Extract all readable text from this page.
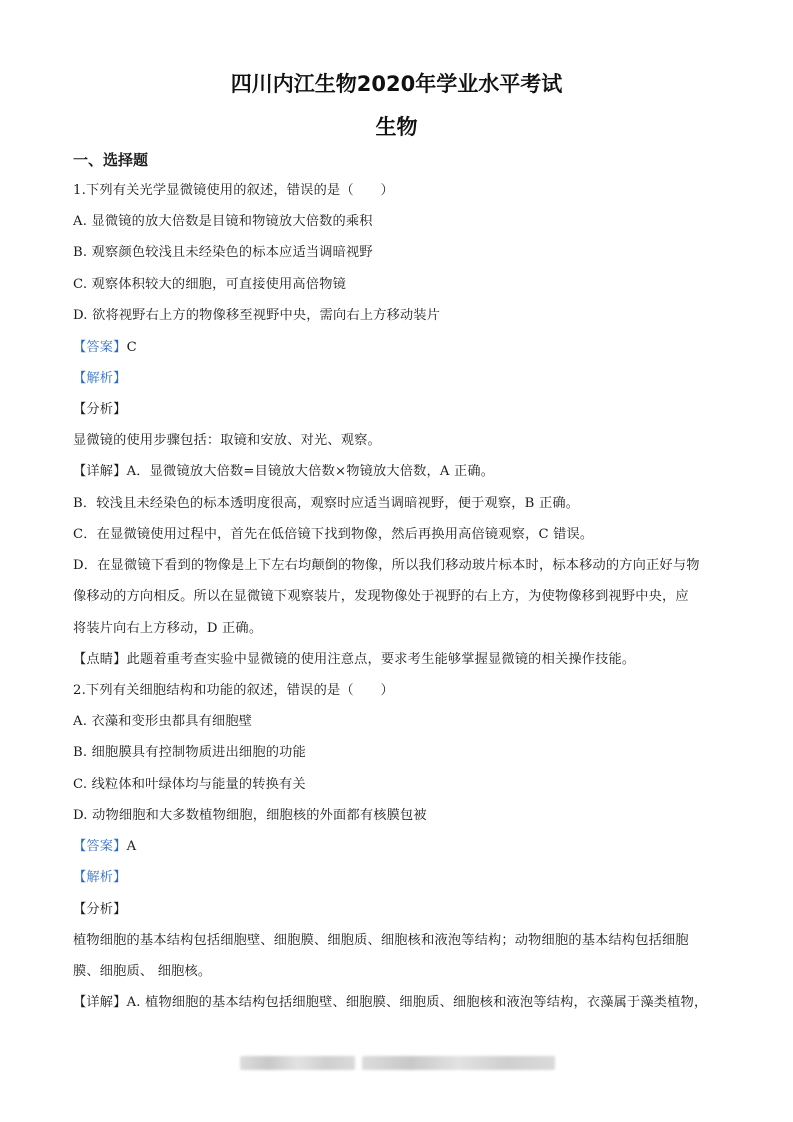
四川内江生物2020年学业水平考试
生物
一、选择题
1.下列有关光学显微镜使用的叙述，错误的是（　　）
A. 显微镜的放大倍数是目镜和物镜放大倍数的乘积
B. 观察颜色较浅且未经染色的标本应适当调暗视野
C. 观察体积较大的细胞，可直接使用高倍物镜
D. 欲将视野右上方的物像移至视野中央，需向右上方移动装片
【答案】C
【解析】
【分析】
显微镜的使用步骤包括：取镜和安放、对光、观察。
【详解】A．显微镜放大倍数=目镜放大倍数×物镜放大倍数，A 正确。
B．较浅且未经染色的标本透明度很高，观察时应适当调暗视野，便于观察，B 正确。
C．在显微镜使用过程中，首先在低倍镜下找到物像，然后再换用高倍镜观察，C 错误。
D．在显微镜下看到的物像是上下左右均颠倒的物像，所以我们移动玻片标本时，标本移动的方向正好与物
像移动的方向相反。所以在显微镜下观察装片，发现物像处于视野的右上方，为使物像移到视野中央，应
将装片向右上方移动，D 正确。
【点睛】此题着重考查实验中显微镜的使用注意点，要求考生能够掌握显微镜的相关操作技能。
2.下列有关细胞结构和功能的叙述，错误的是（　　）
A. 衣藻和变形虫都具有细胞壁
B. 细胞膜具有控制物质进出细胞的功能
C. 线粒体和叶绿体均与能量的转换有关
D. 动物细胞和大多数植物细胞，细胞核的外面都有核膜包被
【答案】A
【解析】
【分析】
植物细胞的基本结构包括细胞壁、细胞膜、细胞质、细胞核和液泡等结构；动物细胞的基本结构包括细胞
膜、细胞质、 细胞核。
【详解】A. 植物细胞的基本结构包括细胞壁、细胞膜、细胞质、细胞核和液泡等结构，衣藻属于藻类植物，
